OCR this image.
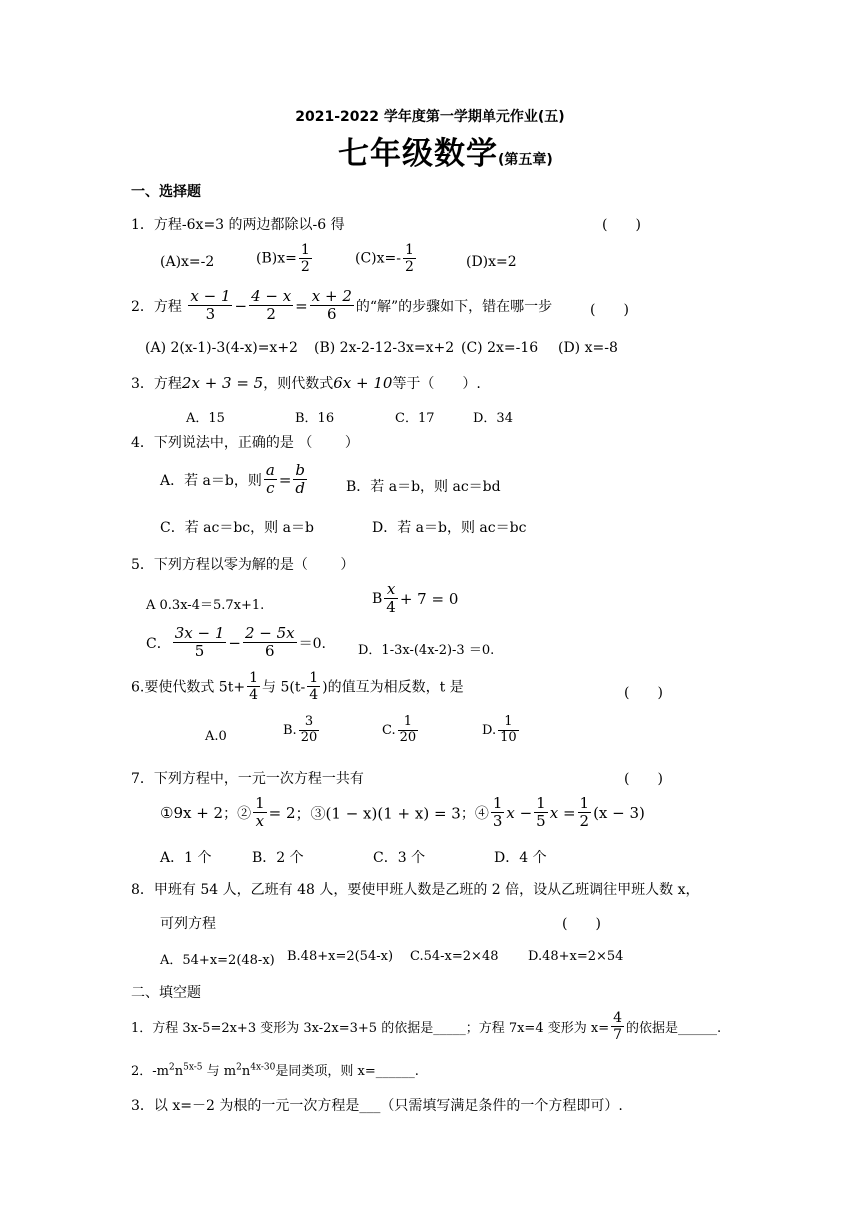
2021-2022 学年度第一学期单元作业(五)
七年级数学(第五章)
一、选择题
1．方程-6x=3 的两边都除以-6 得	(　　)
(A)x=-2	$(B)x= \frac{1}{2}$	$(C)x=- \frac{1}{2}$	(D)x=2
2．方程 $\frac{x - 1}{3} - \frac{4 - x}{2} = \frac{x + 2}{6}$ 的“解”的步骤如下，错在哪一步	(　　)
(A) 2(x-1)-3(4-x)=x+2 (B) 2x-2-12-3x=x+2 (C) 2x=-16 (D) x=-8
3．方程2x + 3 = 5，则代数式6x + 10等于（　　）.
A．15	B．16	C．17	D．34
4．下列说法中，正确的是 （　　 ）
A．若 a＝b，则 $\frac{a}{c} = \frac{b}{d}$	B．若 a＝b，则 ac＝bd
C．若 ac＝bc，则 a＝b	D．若 a＝b，则 ac＝bc
5．下列方程以零为解的是（　　 ）
A 0.3x-4＝5.7x+1.	B $\frac{x}{4} + 7 = 0$
C． $\frac{3x - 1}{5} - \frac{2 - 5x}{6} =0$. D．1-3x-(4x-2)-3 ＝0.
6.要使代数式 $5t+ \frac{1}{4}$ 与 $5(t- \frac{1}{4}$ )的值互为相反数，t 是	(　　)
A.0	B. $\frac{3}{20}$	C. $\frac{1}{20}$	D. $\frac{1}{10}$
7．下列方程中，一元一次方程一共有	(　　)
①9x + 2；② $\frac{1}{x} = 2$；③(1 − x)(1 + x) = 3；④ $\frac{1}{3}$ $x - \frac{1}{5}$ $x = \frac{1}{2} (x - 3)$
A．1 个	B．2 个	C．3 个	D．4 个
8．甲班有 54 人，乙班有 48 人，要使甲班人数是乙班的 2 倍，设从乙班调往甲班人数 x，
可列方程	(　　)
A．54+x=2(48-x) B.48+x=2(54-x) C.54-x=2×48 D.48+x=2×54
二、填空题
1．方程 3x-5=2x+3 变形为 3x-2x=3+5 的依据是_____；方程 7x=4 变形为 $x= \frac{4}{7}$ 的依据是______.
2．$-m^2n^{5x-5}$ 与 $m^2n^{4x-30}$是同类项，则 x=______.
3．以 x=－2 为根的一元一次方程是___（只需填写满足条件的一个方程即可）.
